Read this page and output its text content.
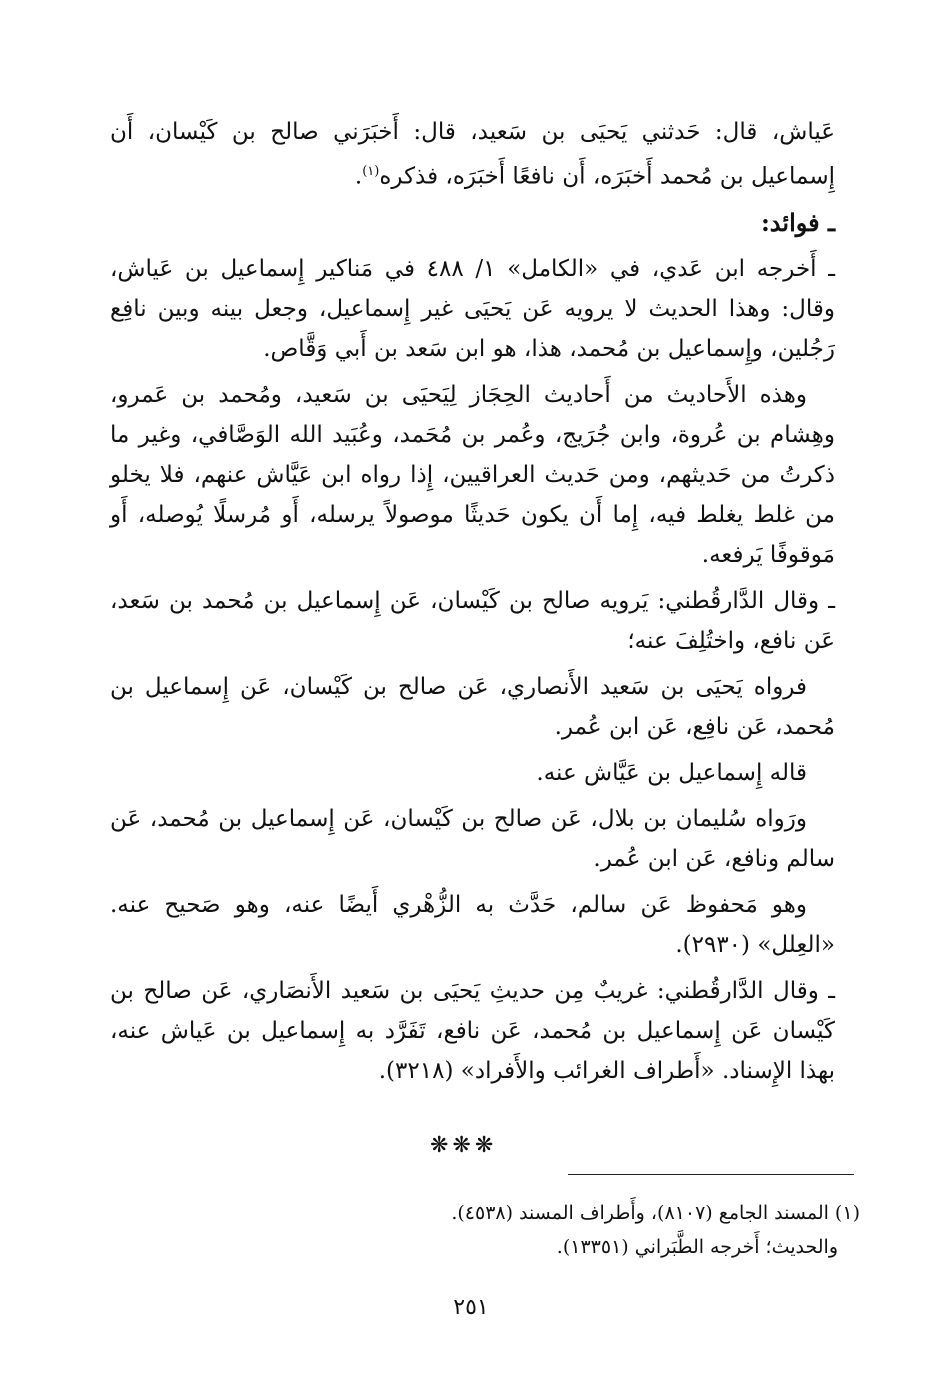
عَياش، قال: حَدثني يَحيَى بن سَعيد، قال: أَخبَرَني صالح بن كَيْسان، أَن إِسماعيل بن مُحمد أَخبَرَه، أَن نافعًا أَخبَرَه، فذكره$^{(١)}$.

ـ فوائد:

ـ أَخرجه ابن عَدي، في «الكامل» ١/ ٤٨٨ في مَناكير إِسماعيل بن عَياش، وقال: وهذا الحديث لا يرويه عَن يَحيَى غير إِسماعيل، وجعل بينه وبين نافِع رَجُلين، وإِسماعيل بن مُحمد، هذا، هو ابن سَعد بن أَبي وَقَّاص.

وهذه الأَحاديث من أَحاديث الحِجَاز لِيَحيَى بن سَعيد، ومُحمد بن عَمرو، وهِشام بن عُروة، وابن جُرَيج، وعُمر بن مُحَمد، وعُبَيد الله الوَصَّافي، وغير ما ذكرتُ من حَديثهم، ومن حَديث العراقيين، إِذا رواه ابن عَيَّاش عنهم، فلا يخلو من غلط يغلط فيه، إِما أَن يكون حَديثًا موصولاً يرسله، أَو مُرسلًا يُوصله، أَو مَوقوفًا يَرفعه.

ـ وقال الدَّارقُطني: يَرويه صالح بن كَيْسان، عَن إِسماعيل بن مُحمد بن سَعد، عَن نافع، واختُلِفَ عنه؛

فرواه يَحيَى بن سَعيد الأَنصاري، عَن صالح بن كَيْسان، عَن إِسماعيل بن مُحمد، عَن نافِع، عَن ابن عُمر.

قاله إِسماعيل بن عَيَّاش عنه.

ورَواه سُليمان بن بلال، عَن صالح بن كَيْسان، عَن إِسماعيل بن مُحمد، عَن سالم ونافع، عَن ابن عُمر.

وهو مَحفوظ عَن سالم، حَدَّث به الزُّهْري أَيضًا عنه، وهو صَحيح عنه. «العِلل» (٢٩٣٠).

ـ وقال الدَّارقُطني: غريبٌ مِن حديثِ يَحيَى بن سَعيد الأَنصَاري، عَن صالح بن كَيْسان عَن إِسماعيل بن مُحمد، عَن نافع، تَفَرَّد به إِسماعيل بن عَياش عنه، بهذا الإِسناد. «أَطراف الغرائب والأَفراد» (٣٢١٨).

❋❋❋

(١) المسند الجامع (٨١٠٧)، وأَطراف المسند (٤٥٣٨).

والحديث؛ أَخرجه الطَّبَراني (١٣٣٥١).

٢٥١
